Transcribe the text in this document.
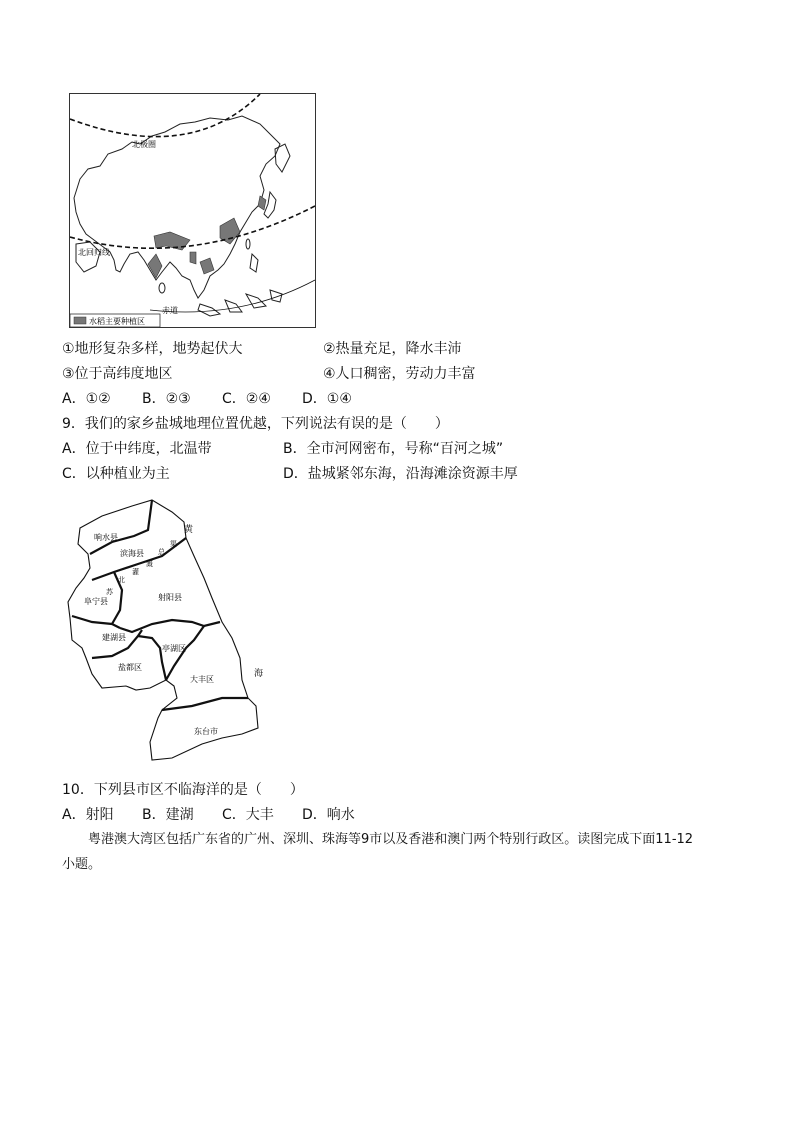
北极圈
北回归线
赤道
水稻主要种植区
①地形复杂多样，地势起伏大	②热量充足，降水丰沛
③位于高纬度地区	④人口稠密，劳动力丰富
A．①② B．②③ C．②④ D．①④
9．我们的家乡盐城地理位置优越，下列说法有误的是（　　）
A．位于中纬度，北温带	B．全市河网密布，号称“百河之城”
C．以种植业为主	D．盐城紧邻东海，沿海滩涂资源丰厚
响水县
滨海县
阜宁县	射阳县
建湖县
亭湖区
盐都区
大丰区
东台市
黄
海
苏
北
灌
溉
总
渠
10．下列县市区不临海洋的是（　　）
A．射阳 B．建湖 C．大丰 D．响水
粤港澳大湾区包括广东省的广州、深圳、珠海等9市以及香港和澳门两个特别行政区。读图完成下面11-12
小题。
